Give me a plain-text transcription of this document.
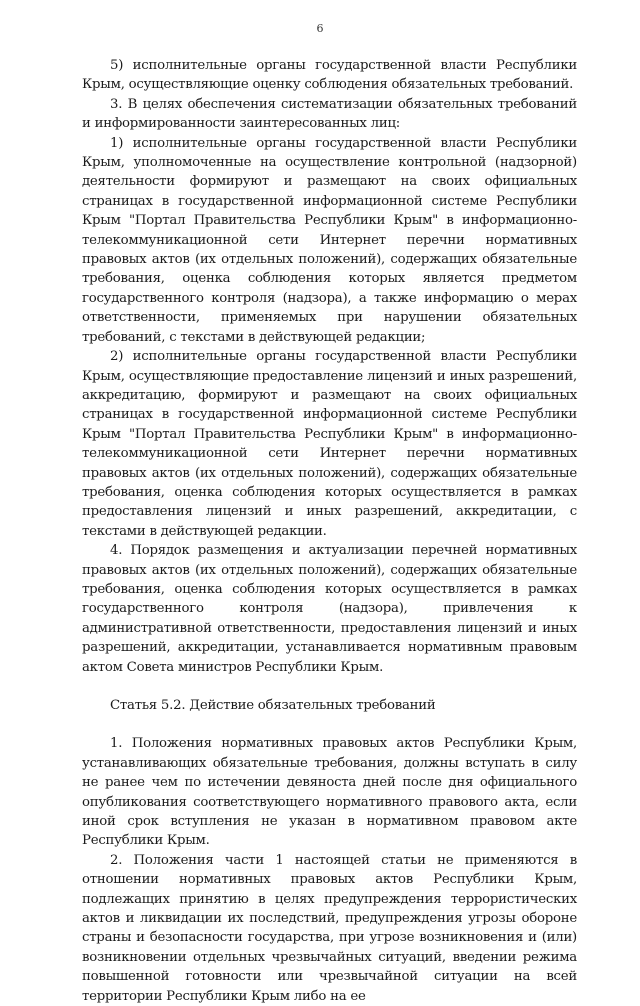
6

5) исполнительные органы государственной власти Республики Крым, осуществляющие оценку соблюдения обязательных требований.

3. В целях обеспечения систематизации обязательных требований и информированности заинтересованных лиц:

1) исполнительные органы государственной власти Республики Крым, уполномоченные на осуществление контрольной (надзорной) деятельности формируют и размещают на своих официальных страницах в государственной информационной системе Республики Крым "Портал Правительства Республики Крым" в информационно-телекоммуникационной сети Интернет перечни нормативных правовых актов (их отдельных положений), содержащих обязательные требования, оценка соблюдения которых является предметом государственного контроля (надзора), а также информацию о мерах ответственности, применяемых при нарушении обязательных требований, с текстами в действующей редакции;

2) исполнительные органы государственной власти Республики Крым, осуществляющие предоставление лицензий и иных разрешений, аккредитацию, формируют и размещают на своих официальных страницах в государственной информационной системе Республики Крым "Портал Правительства Республики Крым" в информационно-телекоммуникационной сети Интернет перечни нормативных правовых актов (их отдельных положений), содержащих обязательные требования, оценка соблюдения которых осуществляется в рамках предоставления лицензий и иных разрешений, аккредитации, с текстами в действующей редакции.

4. Порядок размещения и актуализации перечней нормативных правовых актов (их отдельных положений), содержащих обязательные требования, оценка соблюдения которых осуществляется в рамках государственного контроля (надзора), привлечения к административной ответственности, предоставления лицензий и иных разрешений, аккредитации, устанавливается нормативным правовым актом Совета министров Республики Крым.

Статья 5.2. Действие обязательных требований

1. Положения нормативных правовых актов Республики Крым, устанавливающих обязательные требования, должны вступать в силу не ранее чем по истечении девяноста дней после дня официального опубликования соответствующего нормативного правового акта, если иной срок вступления не указан в нормативном правовом акте Республики Крым.

2. Положения части 1 настоящей статьи не применяются в отношении нормативных правовых актов Республики Крым, подлежащих принятию в целях предупреждения террористических актов и ликвидации их последствий, предупреждения угрозы обороне страны и безопасности государства, при угрозе возникновения и (или) возникновении отдельных чрезвычайных ситуаций, введении режима повышенной готовности или чрезвычайной ситуации на всей территории Республики Крым либо на ее
